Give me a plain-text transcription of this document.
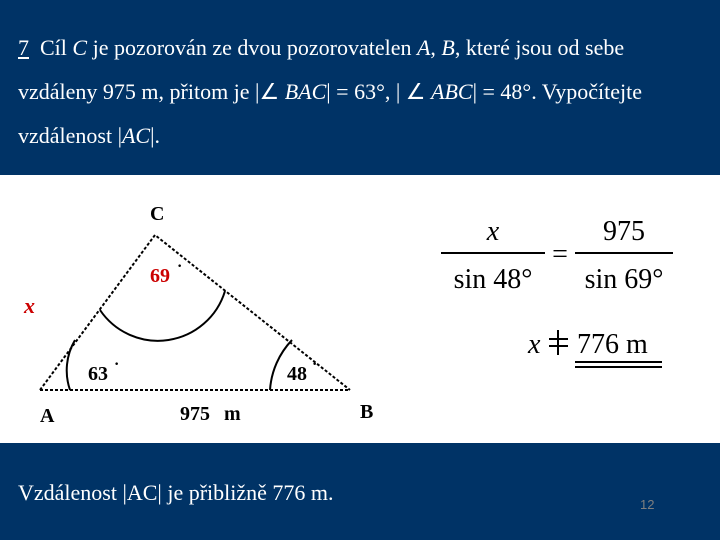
7 Cíl C je pozorován ze dvou pozorovatelen A, B, které jsou od sebe vzdáleny 975 m, přitom je |∠ BAC| = 63°, | ∠ ABC| = 48°. Vypočítejte vzdálenost |AC|.
C
A	B
69 ·
63 ·	48 ·
x
975 m
x
sin 48°
=
975
sin 69°
x 776 m
Vzdálenost |AC| je přibližně 776 m.	12
